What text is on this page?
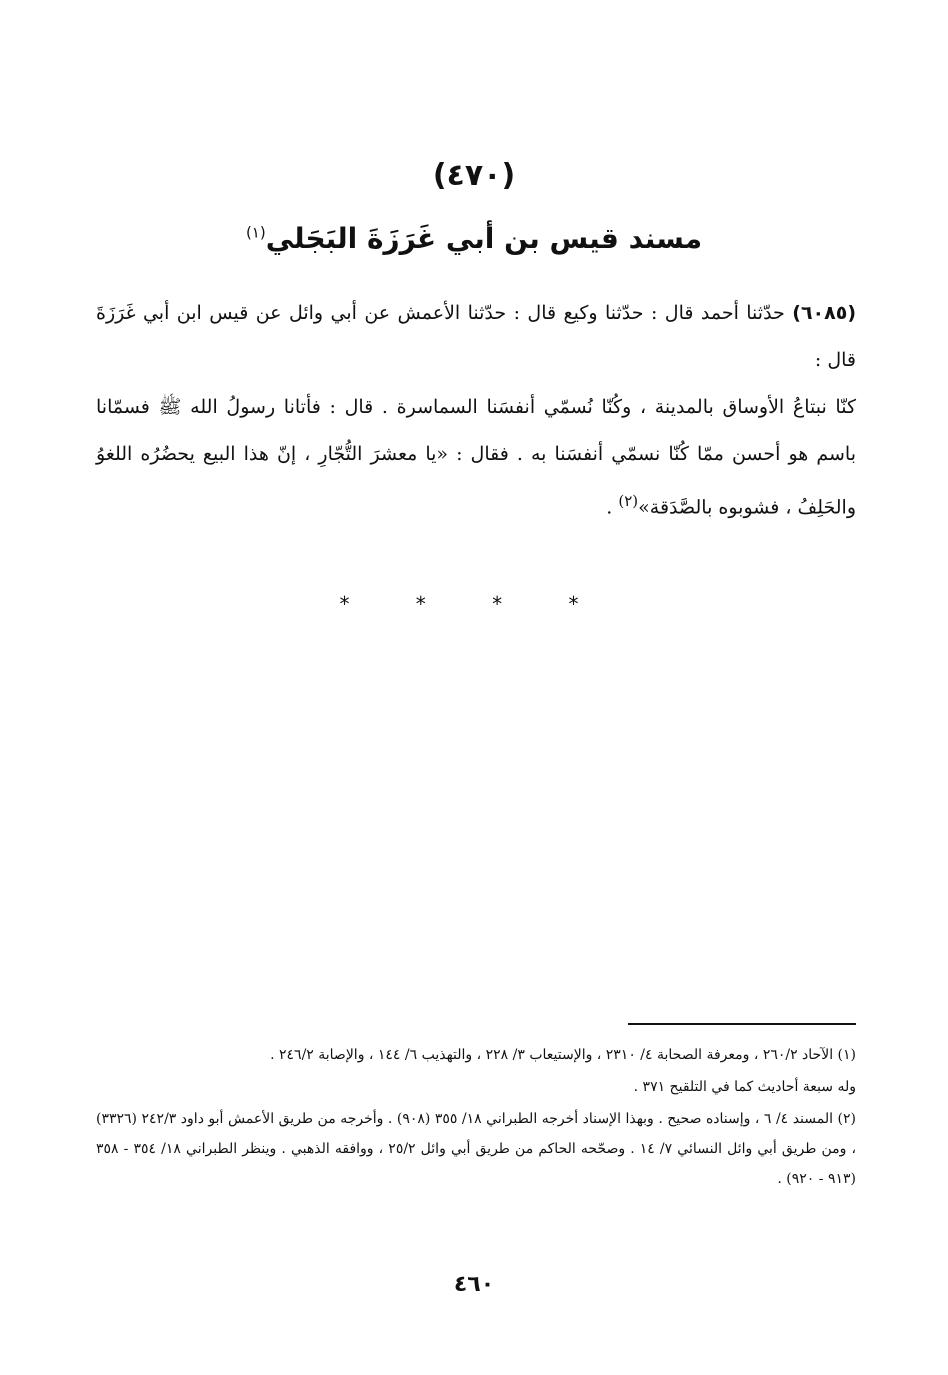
(٤٧٠)
مسند قيس بن أبي غَرَزَةَ البَجَلي$^{(١)}$
(٦٠٨٥) حدّثنا أحمد قال : حدّثنا وكيع قال : حدّثنا الأعمش عن أبي وائل عن قيس ابن أبي غَرَزَةَ قال :
كنّا نبتاعُ الأوساق بالمدينة ، وكُنّا نُسمّي أنفسَنا السماسرة . قال : فأتانا رسولُ الله ﷺ فسمّانا باسم هو أحسن ممّا كُنّا نسمّي أنفسَنا به . فقال : «يا معشرَ التُّجّارِ ، إنّ هذا البيع يحضُرُه اللغوُ والحَلِفُ ، فشوبوه بالصَّدَقة»$^{(٢)}$ .
* * * *

(١) الآحاد ٢٦٠/٢ ، ومعرفة الصحابة ٤/ ٢٣١٠ ، والإستيعاب ٣/ ٢٢٨ ، والتهذيب ٦/ ١٤٤ ، والإصابة ٢٤٦/٢ .

وله سبعة أحاديث كما في التلقيح ٣٧١ .

(٢) المسند ٤/ ٦ ، وإسناده صحيح . وبهذا الإسناد أخرجه الطبراني ١٨/ ٣٥٥ (٩٠٨) . وأخرجه من طريق الأعمش أبو داود ٢٤٢/٣ (٣٣٢٦) ، ومن طريق أبي وائل النسائي ٧/ ١٤ . وصحّحه الحاكم من طريق أبي وائل ٢٥/٢ ، ووافقه الذهبي . وينظر الطبراني ١٨/ ٣٥٤ - ٣٥٨ (٩١٣ - ٩٢٠) .

٤٦٠
